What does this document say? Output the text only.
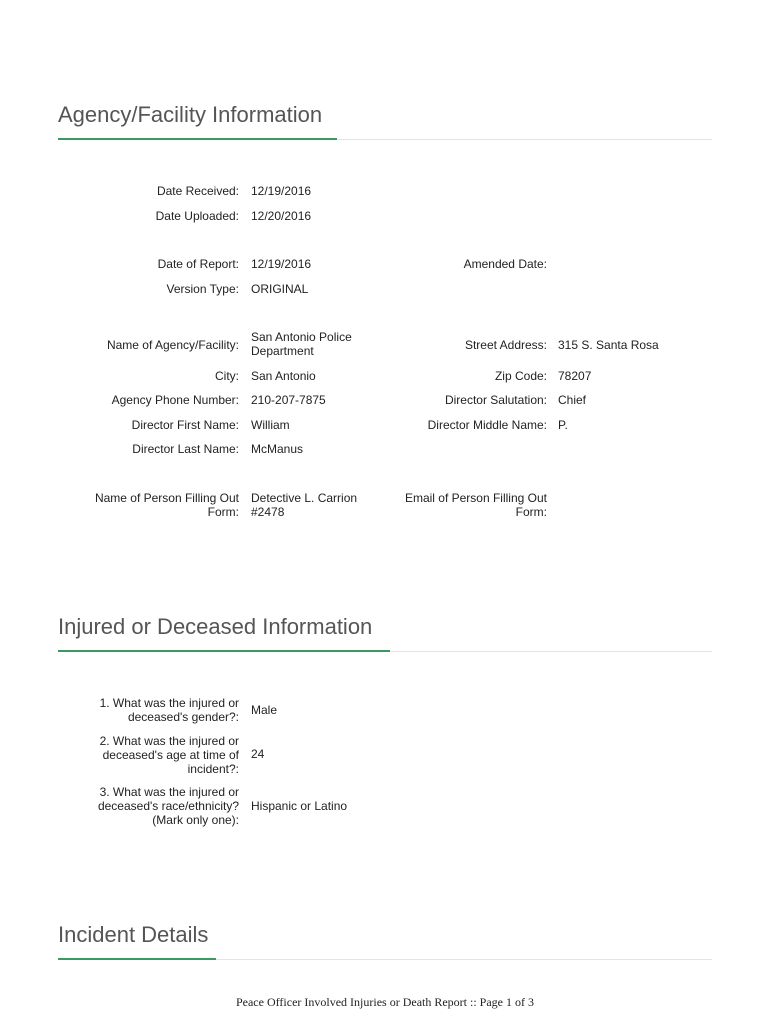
Agency/Facility Information
Date Received: 12/19/2016
Date Uploaded: 12/20/2016
Date of Report: 12/19/2016	Amended Date:
Version Type: ORIGINAL
Name of Agency/Facility:
San Antonio Police Department	Street Address: 315 S. Santa Rosa
City: San Antonio	Zip Code: 78207
Agency Phone Number: 210-207-7875	Director Salutation: Chief
Director First Name: William	Director Middle Name: P.
Director Last Name: McManus
Name of Person Filling Out Form:
Detective L. Carrion #2478
Email of Person Filling Out Form:
Injured or Deceased Information
1. What was the injured or deceased's gender?: Male
2. What was the injured or deceased's age at time of incident?:
24
3. What was the injured or deceased's race/ethnicity? (Mark only one):
Hispanic or Latino
Incident Details
Peace Officer Involved Injuries or Death Report :: Page 1 of 3
